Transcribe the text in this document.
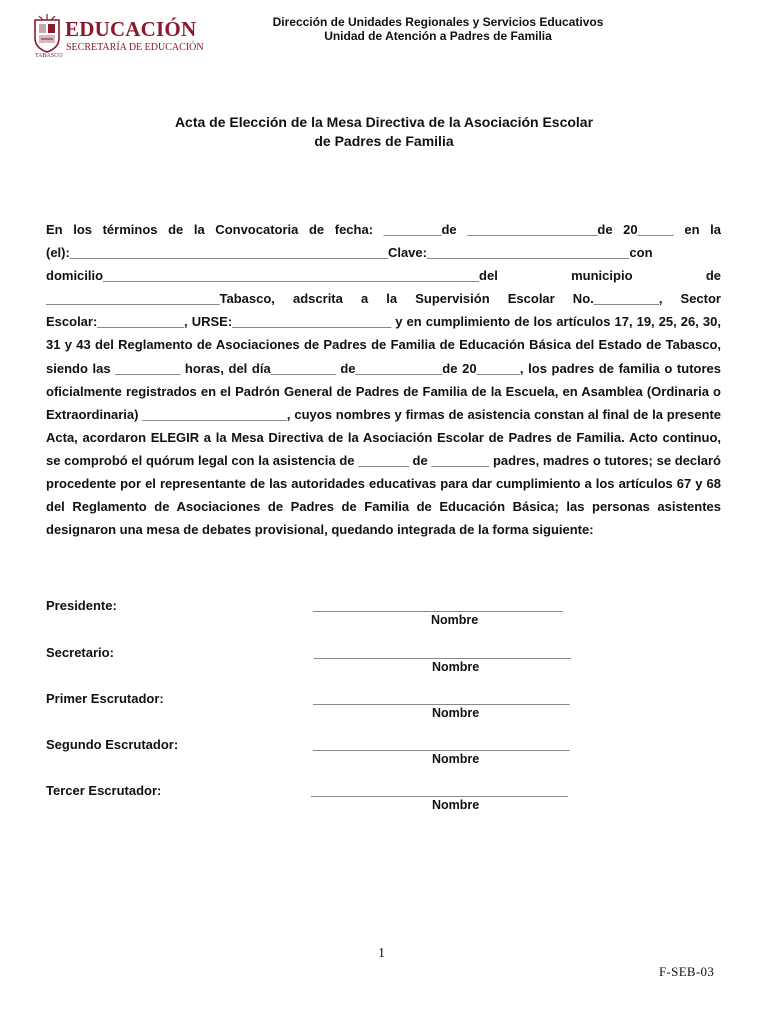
EDUCACIÓN
SECRETARÍA DE EDUCACIÓN
TABASCO
Dirección de Unidades Regionales y Servicios Educativos
Unidad de Atención a Padres de Familia
Acta de Elección de la Mesa Directiva de la Asociación Escolar
de Padres de Familia

En los términos de la Convocatoria de fecha: ________de __________________de 20_____ en la (el):____________________________________________Clave:____________________________con domicilio____________________________________________________del municipio de ________________________Tabasco, adscrita a la Supervisión Escolar No._________, Sector Escolar:____________, URSE:______________________ y en cumplimiento de los artículos 17, 19, 25, 26, 30, 31 y 43 del Reglamento de Asociaciones de Padres de Familia de Educación Básica del Estado de Tabasco, siendo las _________ horas, del día_________ de____________de 20______, los padres de familia o tutores oficialmente registrados en el Padrón General de Padres de Familia de la Escuela, en Asamblea (Ordinaria o Extraordinaria) ____________________, cuyos nombres y firmas de asistencia constan al final de la presente Acta, acordaron ELEGIR a la Mesa Directiva de la Asociación Escolar de Padres de Familia. Acto continuo, se comprobó el quórum legal con la asistencia de _______ de ________ padres, madres o tutores; se declaró procedente por el representante de las autoridades educativas para dar cumplimiento a los artículos 67 y 68 del Reglamento de Asociaciones de Padres de Familia de Educación Básica; las personas asistentes designaron una mesa de debates provisional, quedando integrada de la forma siguiente:

Presidente:	____________________________________
Nombre
Secretario:	_____________________________________
Nombre
Primer Escrutador:	_____________________________________
Nombre
Segundo Escrutador:	_____________________________________
Nombre
Tercer Escrutador:	_____________________________________
Nombre
1
F-SEB-03
